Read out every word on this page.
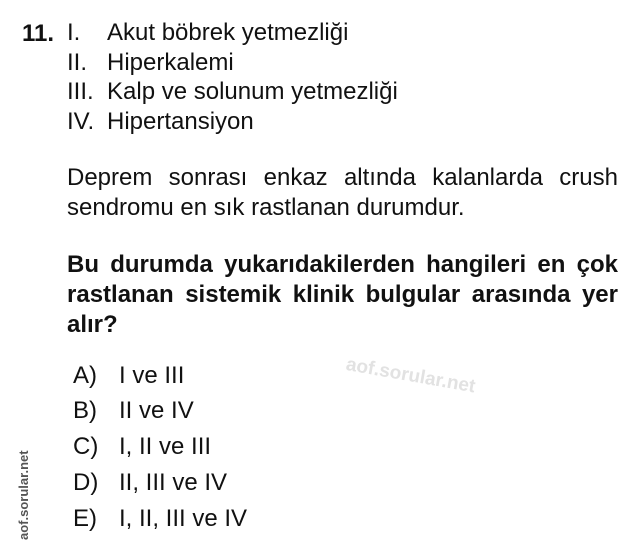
11. I. Akut böbrek yetmezliği
II. Hiperkalemi
III. Kalp ve solunum yetmezliği
IV. Hipertansiyon
Deprem sonrası enkaz altında kalanlarda crush sendromu en sık rastlanan durumdur.
Bu durumda yukarıdakilerden hangileri en çok rastlanan sistemik klinik bulgular arasında yer alır?
A) I ve III
B) II ve IV
C) I, II ve III
D) II, III ve IV
E) I, II, III ve IV
aof.sorular.net
aof.sorular.net
